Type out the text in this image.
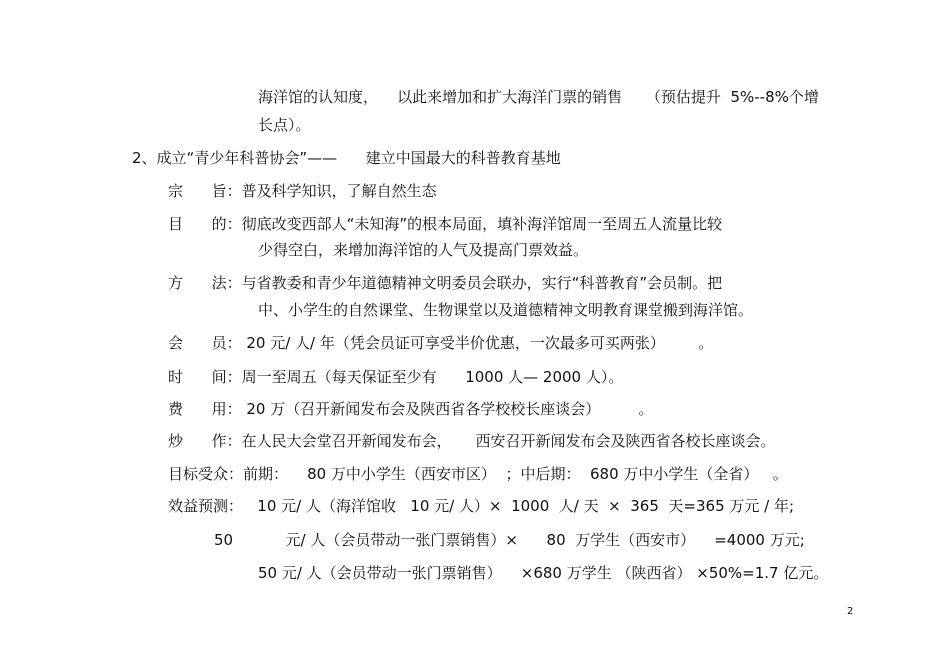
海洋馆的认知度，    以此来增加和扩大海洋门票的销售     （预估提升  5%--8%个增
长点）。
2、成立“青少年科普协会”——      建立中国最大的科普教育基地
宗      旨：普及科学知识，了解自然生态
目      的：彻底改变西部人“未知海”的根本局面，填补海洋馆周一至周五人流量比较
少得空白，来增加海洋馆的人气及提高门票效益。
方      法：与省教委和青少年道德精神文明委员会联办，实行“科普教育”会员制。把
中、小学生的自然课堂、生物课堂以及道德精神文明教育课堂搬到海洋馆。
会      员： 20 元/ 人/ 年（凭会员证可享受半价优惠，一次最多可买两张）       。
时      间：周一至周五（每天保证至少有      1000 人— 2000 人）。
费      用： 20 万（召开新闻发布会及陕西省各学校校长座谈会）        。
炒      作：在人民大会堂召开新闻发布会，     西安召开新闻发布会及陕西省各校长座谈会。
目标受众：前期：    80 万中小学生（西安市区）  ；中后期：  680 万中小学生（全省）   。
效益预测：   10 元/ 人（海洋馆收   10 元/ 人）×  1000  人/ 天  ×  365  天=365 万元 / 年;
50           元/ 人（会员带动一张门票销售）×      80  万学生（西安市）    =4000 万元;
50 元/ 人（会员带动一张门票销售）    ×680 万学生 （陕西省） ×50%=1.7 亿元。
2
